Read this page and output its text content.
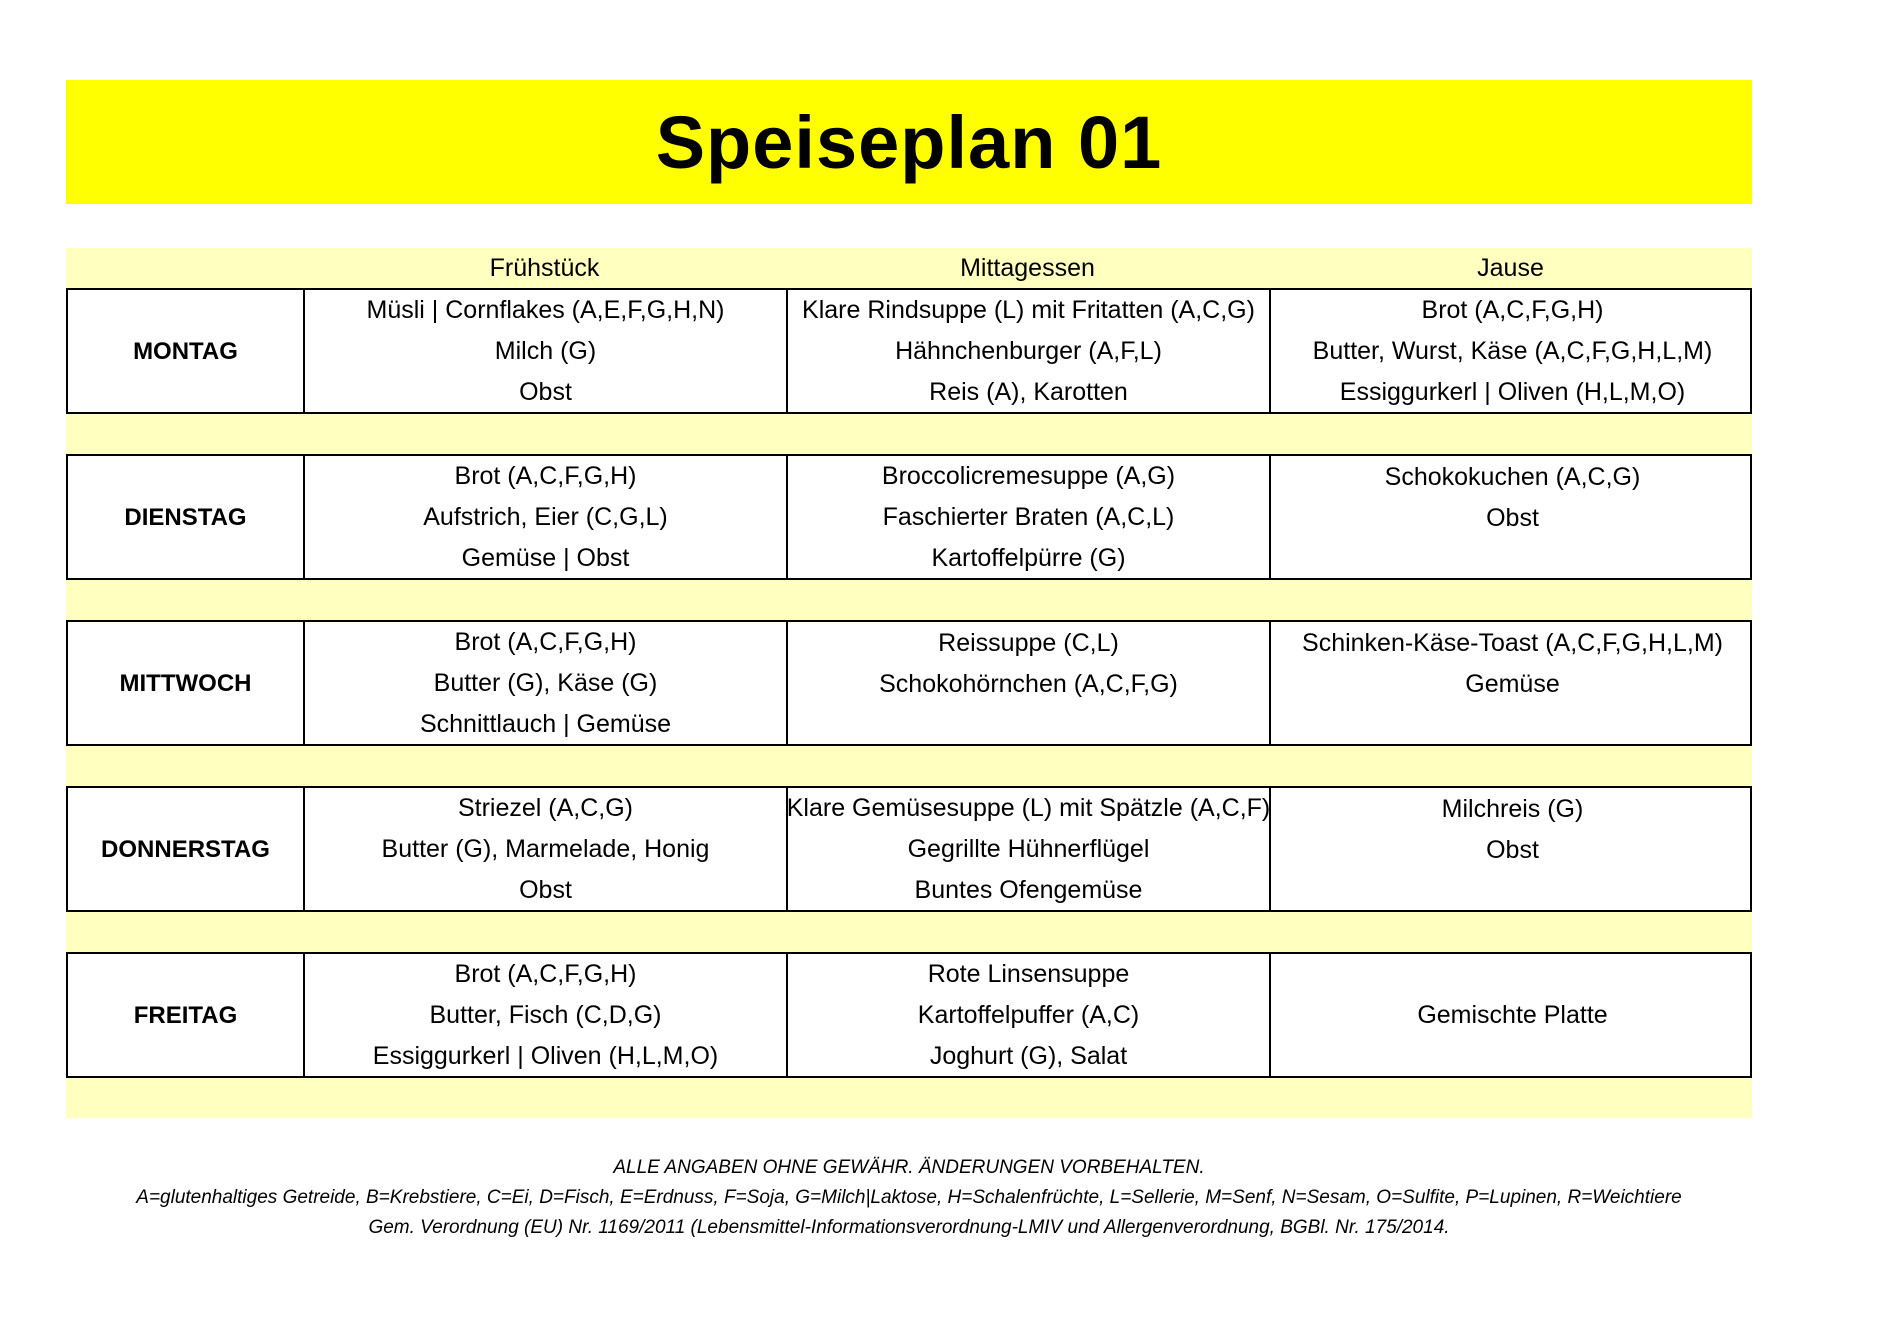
Speiseplan 01
Frühstück	Mittagessen	Jause
MONTAG
Müsli | Cornflakes (A,E,F,G,H,N)
Milch (G)
Obst
Klare Rindsuppe (L) mit Fritatten (A,C,G)
Hähnchenburger (A,F,L)
Reis (A), Karotten
Brot (A,C,F,G,H)
Butter, Wurst, Käse (A,C,F,G,H,L,M)
Essiggurkerl | Oliven (H,L,M,O)
DIENSTAG
Brot (A,C,F,G,H)
Aufstrich, Eier (C,G,L)
Gemüse | Obst
Broccolicremesuppe (A,G)
Faschierter Braten (A,C,L)
Kartoffelpürre (G)
Schokokuchen (A,C,G)
Obst
MITTWOCH
Brot (A,C,F,G,H)
Butter (G), Käse (G)
Schnittlauch | Gemüse
Reissuppe (C,L)
Schokohörnchen (A,C,F,G)
Schinken-Käse-Toast (A,C,F,G,H,L,M)
Gemüse
DONNERSTAG
Striezel (A,C,G)
Butter (G), Marmelade, Honig
Obst
Klare Gemüsesuppe (L) mit Spätzle (A,C,F)
Gegrillte Hühnerflügel
Buntes Ofengemüse
Milchreis (G)
Obst
FREITAG
Brot (A,C,F,G,H)
Butter, Fisch (C,D,G)
Essiggurkerl | Oliven (H,L,M,O)
Rote Linsensuppe
Kartoffelpuffer (A,C)
Joghurt (G), Salat
Gemischte Platte
ALLE ANGABEN OHNE GEWÄHR. ÄNDERUNGEN VORBEHALTEN.
A=glutenhaltiges Getreide, B=Krebstiere, C=Ei, D=Fisch, E=Erdnuss, F=Soja, G=Milch|Laktose, H=Schalenfrüchte, L=Sellerie, M=Senf, N=Sesam, O=Sulfite, P=Lupinen, R=Weichtiere
Gem. Verordnung (EU) Nr. 1169/2011 (Lebensmittel-Informationsverordnung-LMIV und Allergenverordnung, BGBl. Nr. 175/2014.
